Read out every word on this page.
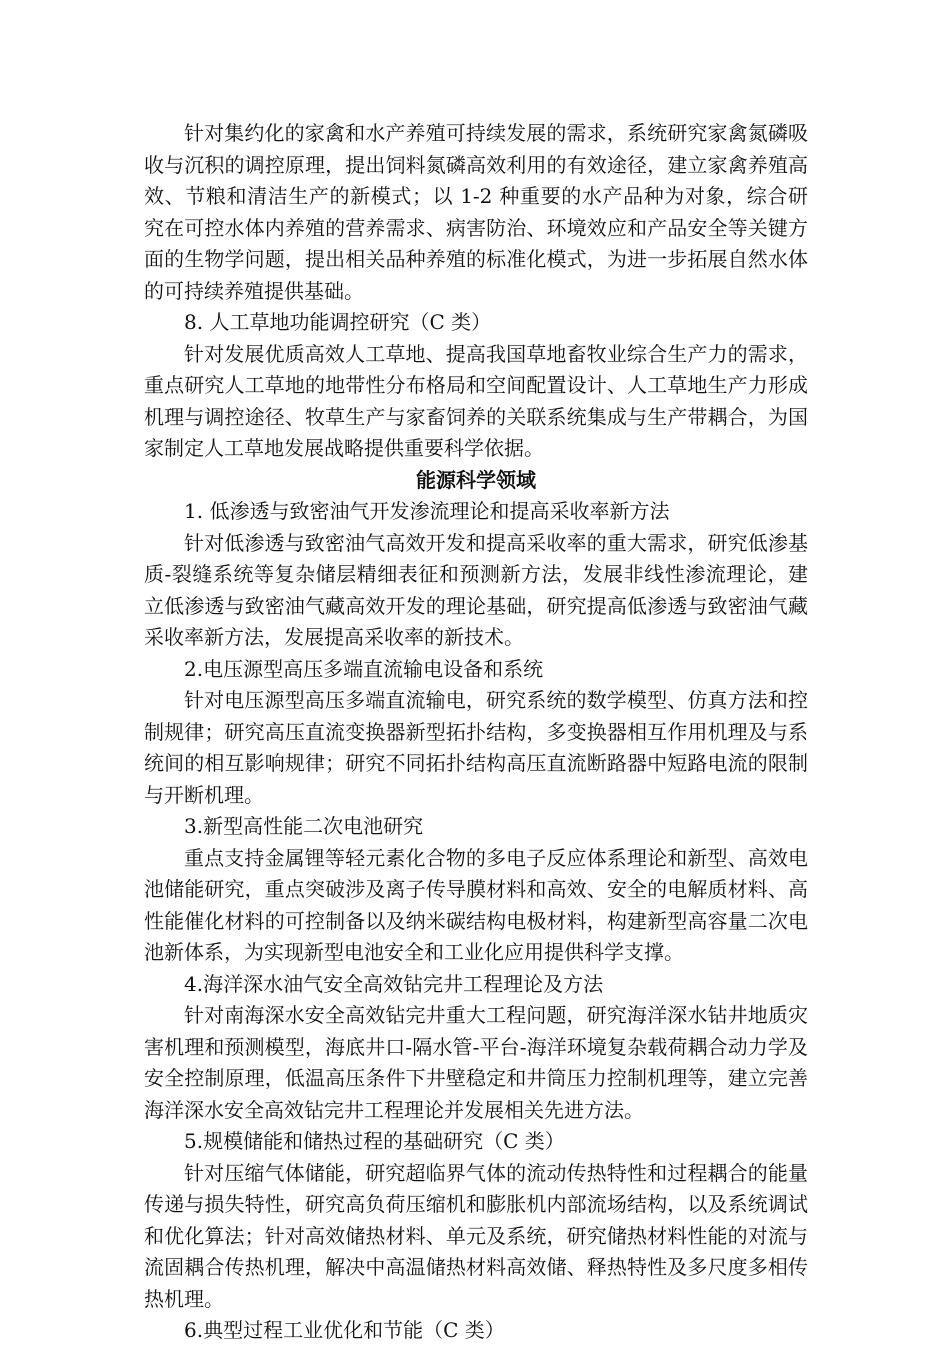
针对集约化的家禽和水产养殖可持续发展的需求，系统研究家禽氮磷吸收与沉积的调控原理，提出饲料氮磷高效利用的有效途径，建立家禽养殖高效、节粮和清洁生产的新模式；以 1-2 种重要的水产品种为对象，综合研究在可控水体内养殖的营养需求、病害防治、环境效应和产品安全等关键方面的生物学问题，提出相关品种养殖的标准化模式，为进一步拓展自然水体的可持续养殖提供基础。

8. 人工草地功能调控研究（C 类）

针对发展优质高效人工草地、提高我国草地畜牧业综合生产力的需求，重点研究人工草地的地带性分布格局和空间配置设计、人工草地生产力形成机理与调控途径、牧草生产与家畜饲养的关联系统集成与生产带耦合，为国家制定人工草地发展战略提供重要科学依据。

能源科学领域

1. 低渗透与致密油气开发渗流理论和提高采收率新方法

针对低渗透与致密油气高效开发和提高采收率的重大需求，研究低渗基质-裂缝系统等复杂储层精细表征和预测新方法，发展非线性渗流理论，建立低渗透与致密油气藏高效开发的理论基础，研究提高低渗透与致密油气藏采收率新方法，发展提高采收率的新技术。

2.电压源型高压多端直流输电设备和系统

针对电压源型高压多端直流输电，研究系统的数学模型、仿真方法和控制规律；研究高压直流变换器新型拓扑结构，多变换器相互作用机理及与系统间的相互影响规律；研究不同拓扑结构高压直流断路器中短路电流的限制与开断机理。

3.新型高性能二次电池研究

重点支持金属锂等轻元素化合物的多电子反应体系理论和新型、高效电池储能研究，重点突破涉及离子传导膜材料和高效、安全的电解质材料、高性能催化材料的可控制备以及纳米碳结构电极材料，构建新型高容量二次电池新体系，为实现新型电池安全和工业化应用提供科学支撑。

4.海洋深水油气安全高效钻完井工程理论及方法

针对南海深水安全高效钻完井重大工程问题，研究海洋深水钻井地质灾害机理和预测模型，海底井口-隔水管-平台-海洋环境复杂载荷耦合动力学及安全控制原理，低温高压条件下井壁稳定和井筒压力控制机理等，建立完善海洋深水安全高效钻完井工程理论并发展相关先进方法。

5.规模储能和储热过程的基础研究（C 类）

针对压缩气体储能，研究超临界气体的流动传热特性和过程耦合的能量传递与损失特性，研究高负荷压缩机和膨胀机内部流场结构，以及系统调试和优化算法；针对高效储热材料、单元及系统，研究储热材料性能的对流与流固耦合传热机理，解决中高温储热材料高效储、释热特性及多尺度多相传热机理。

6.典型过程工业优化和节能（C 类）
